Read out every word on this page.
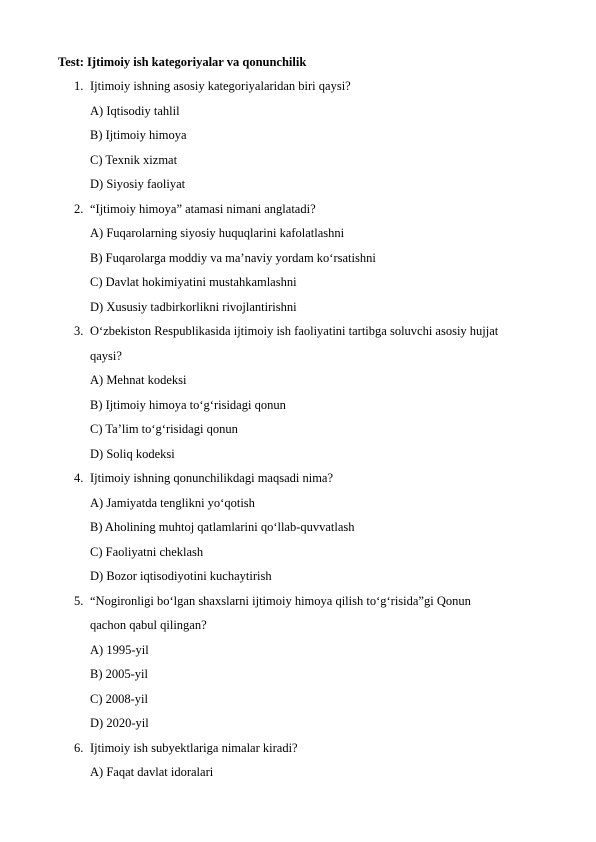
Test: Ijtimoiy ish kategoriyalar va qonunchilik
1. Ijtimoiy ishning asosiy kategoriyalaridan biri qaysi?
A) Iqtisodiy tahlil
B) Ijtimoiy himoya
C) Texnik xizmat
D) Siyosiy faoliyat
2. “Ijtimoiy himoya” atamasi nimani anglatadi?
A) Fuqarolarning siyosiy huquqlarini kafolatlashni
B) Fuqarolarga moddiy va ma’naviy yordam ko‘rsatishni
C) Davlat hokimiyatini mustahkamlashni
D) Xususiy tadbirkorlikni rivojlantirishni
3. O‘zbekiston Respublikasida ijtimoiy ish faoliyatini tartibga soluvchi asosiy hujjat
qaysi?
A) Mehnat kodeksi
B) Ijtimoiy himoya to‘g‘risidagi qonun
C) Ta’lim to‘g‘risidagi qonun
D) Soliq kodeksi
4. Ijtimoiy ishning qonunchilikdagi maqsadi nima?
A) Jamiyatda tenglikni yo‘qotish
B) Aholining muhtoj qatlamlarini qo‘llab-quvvatlash
C) Faoliyatni cheklash
D) Bozor iqtisodiyotini kuchaytirish
5. “Nogironligi bo‘lgan shaxslarni ijtimoiy himoya qilish to‘g‘risida”gi Qonun
qachon qabul qilingan?
A) 1995-yil
B) 2005-yil
C) 2008-yil
D) 2020-yil
6. Ijtimoiy ish subyektlariga nimalar kiradi?
A) Faqat davlat idoralari
